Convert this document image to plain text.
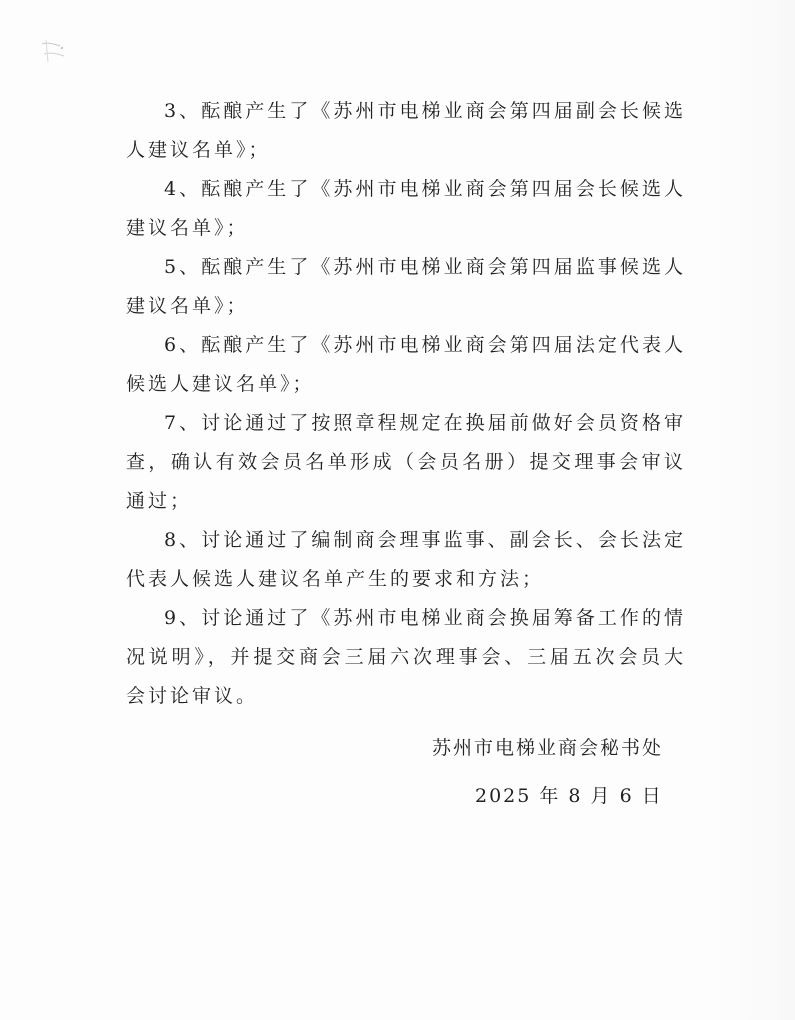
3、酝酿产生了《苏州市电梯业商会第四届副会长候选人建议名单》；

4、酝酿产生了《苏州市电梯业商会第四届会长候选人建议名单》；

5、酝酿产生了《苏州市电梯业商会第四届监事候选人建议名单》；

6、酝酿产生了《苏州市电梯业商会第四届法定代表人候选人建议名单》；

7、讨论通过了按照章程规定在换届前做好会员资格审查，确认有效会员名单形成（会员名册）提交理事会审议通过；

8、讨论通过了编制商会理事监事、副会长、会长法定代表人候选人建议名单产生的要求和方法；

9、讨论通过了《苏州市电梯业商会换届筹备工作的情况说明》，并提交商会三届六次理事会、三届五次会员大会讨论审议。

苏州市电梯业商会秘书处
2025 年 8 月 6 日
